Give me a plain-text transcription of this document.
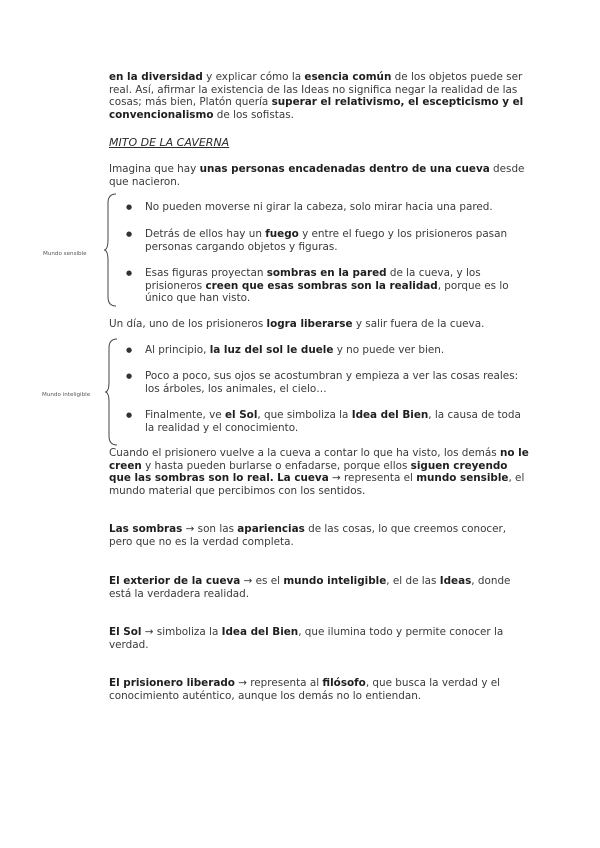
en la diversidad y explicar cómo la esencia común de los objetos puede ser real. Así, afirmar la existencia de las Ideas no significa negar la realidad de las cosas; más bien, Platón quería superar el relativismo, el escepticismo y el convencionalismo de los sofistas.

MITO DE LA CAVERNA

Imagina que hay unas personas encadenadas dentro de una cueva desde que nacieron.

Mundo sensible
● No pueden moverse ni girar la cabeza, solo mirar hacia una pared.
● Detrás de ellos hay un fuego y entre el fuego y los prisioneros pasan personas cargando objetos y figuras.
● Esas figuras proyectan sombras en la pared de la cueva, y los prisioneros creen que esas sombras son la realidad, porque es lo único que han visto.

Un día, uno de los prisioneros logra liberarse y salir fuera de la cueva.

Mundo inteligible
● Al principio, la luz del sol le duele y no puede ver bien.
● Poco a poco, sus ojos se acostumbran y empieza a ver las cosas reales: los árboles, los animales, el cielo…
● Finalmente, ve el Sol, que simboliza la Idea del Bien, la causa de toda la realidad y el conocimiento.

Cuando el prisionero vuelve a la cueva a contar lo que ha visto, los demás no le creen y hasta pueden burlarse o enfadarse, porque ellos siguen creyendo que las sombras son lo real. La cueva → representa el mundo sensible, el mundo material que percibimos con los sentidos.

Las sombras → son las apariencias de las cosas, lo que creemos conocer, pero que no es la verdad completa.

El exterior de la cueva → es el mundo inteligible, el de las Ideas, donde está la verdadera realidad.

El Sol → simboliza la Idea del Bien, que ilumina todo y permite conocer la verdad.

El prisionero liberado → representa al filósofo, que busca la verdad y el conocimiento auténtico, aunque los demás no lo entiendan.
